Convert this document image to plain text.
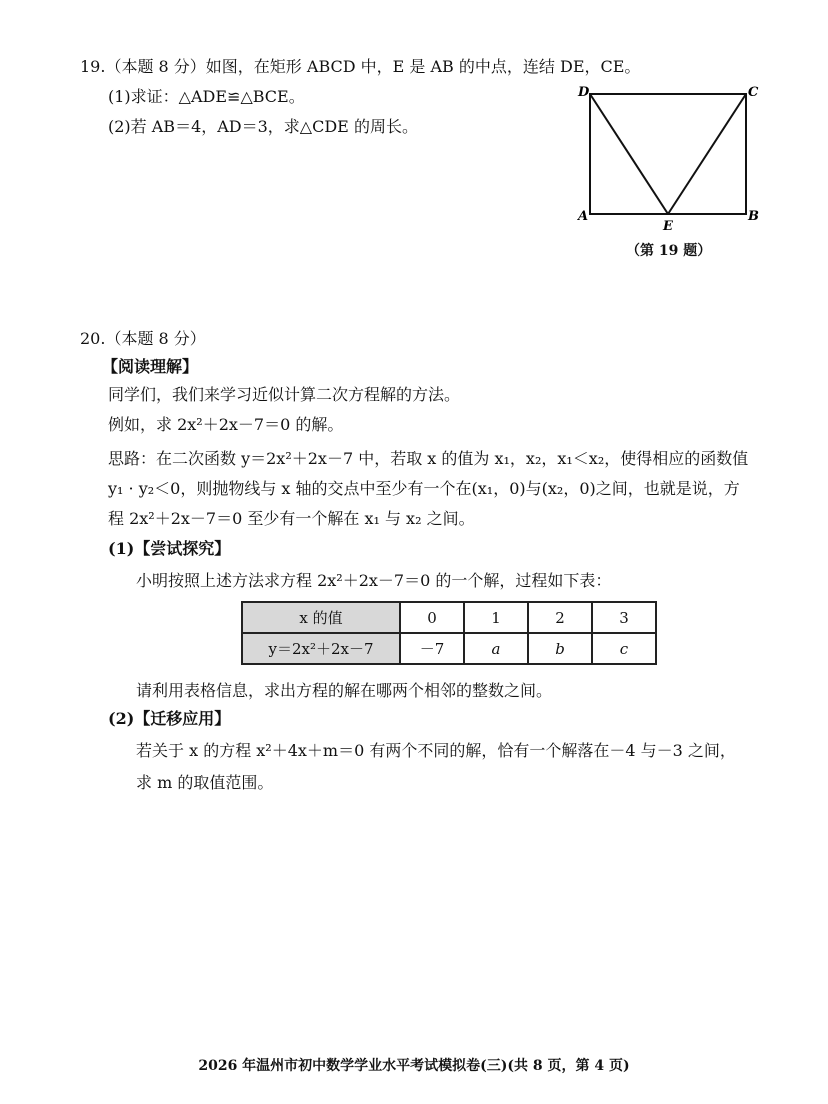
19.（本题 8 分）如图，在矩形 ABCD 中，E 是 AB 的中点，连结 DE，CE。
(1)求证：△ADE≌△BCE。
(2)若 AB＝4，AD＝3，求△CDE 的周长。
D	C
A	B
E
（第 19 题）
20.（本题 8 分）
【阅读理解】
同学们，我们来学习近似计算二次方程解的方法。
例如，求 2x²＋2x－7＝0 的解。
思路：在二次函数 y＝2x²＋2x－7 中，若取 x 的值为 x₁，x₂，x₁＜x₂，使得相应的函数值
y₁ · y₂＜0，则抛物线与 x 轴的交点中至少有一个在(x₁，0)与(x₂，0)之间，也就是说，方
程 2x²＋2x－7＝0 至少有一个解在 x₁ 与 x₂ 之间。
(1)【尝试探究】
小明按照上述方法求方程 2x²＋2x－7＝0 的一个解，过程如下表：
x 的值	0	1	2	3
y＝2x²＋2x－7	－7	a	b	c
请利用表格信息，求出方程的解在哪两个相邻的整数之间。
(2)【迁移应用】
若关于 x 的方程 x²＋4x＋m＝0 有两个不同的解，恰有一个解落在－4 与－3 之间，
求 m 的取值范围。
2026 年温州市初中数学学业水平考试模拟卷(三)(共 8 页，第 4 页)
